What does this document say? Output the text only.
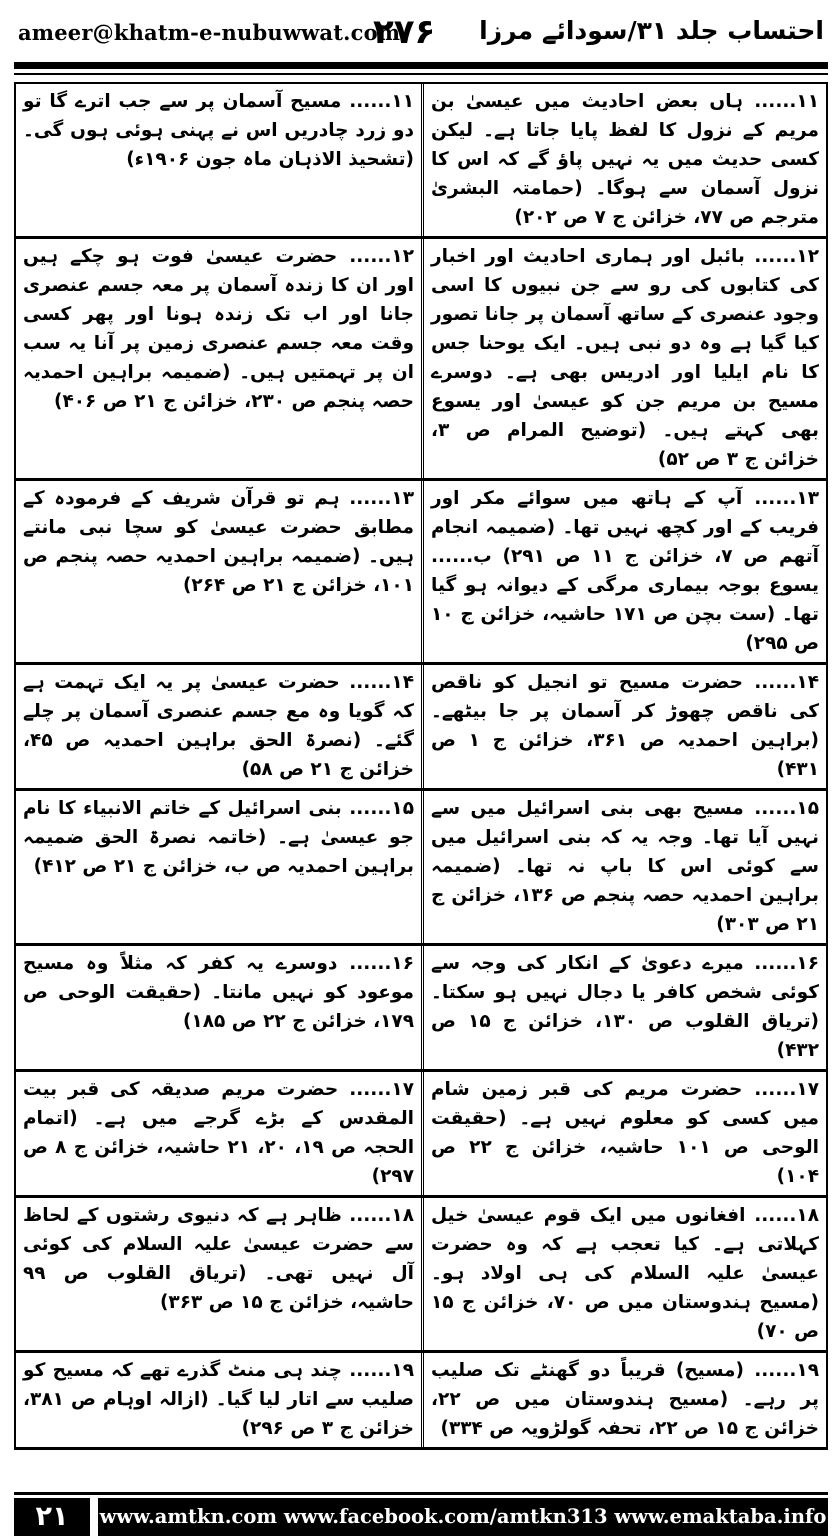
ameer@khatm-e-nubuwwat.com
۲۷۶ احتساب جلد ۳۱/سودائے مرزا
۱۱...... ہاں بعض احادیث میں عیسیٰ بن مریم کے نزول کا لفظ پایا جاتا ہے۔ لیکن کسی حدیث میں یہ نہیں پاؤ گے کہ اس کا نزول آسمان سے ہوگا۔ (حمامتہ البشریٰ مترجم ص ۷۷، خزائن ج ۷ ص ۲۰۲)
۱۱...... مسیح آسمان پر سے جب اترے گا تو دو زرد چادریں اس نے پہنی ہوئی ہوں گی۔ (تشحیذ الاذہان ماہ جون ۱۹۰۶ء)
۱۲...... بائبل اور ہماری احادیث اور اخبار کی کتابوں کی رو سے جن نبیوں کا اسی وجود عنصری کے ساتھ آسمان پر جانا تصور کیا گیا ہے وہ دو نبی ہیں۔ ایک یوحنا جس کا نام ایلیا اور ادریس بھی ہے۔ دوسرے مسیح بن مریم جن کو عیسیٰ اور یسوع بھی کہتے ہیں۔ (توضیح المرام ص ۳، خزائن ج ۳ ص ۵۲)
۱۲...... حضرت عیسیٰ فوت ہو چکے ہیں اور ان کا زندہ آسمان پر معہ جسم عنصری جانا اور اب تک زندہ ہونا اور پھر کسی وقت معہ جسم عنصری زمین پر آنا یہ سب ان پر تہمتیں ہیں۔ (ضمیمہ براہین احمدیہ حصہ پنجم ص ۲۳۰، خزائن ج ۲۱ ص ۴۰۶)
۱۳...... آپ کے ہاتھ میں سوائے مکر اور فریب کے اور کچھ نہیں تھا۔ (ضمیمہ انجام آتھم ص ۷، خزائن ج ۱۱ ص ۲۹۱) ب...... یسوع بوجہ بیماری مرگی کے دیوانہ ہو گیا تھا۔ (ست بچن ص ۱۷۱ حاشیہ، خزائن ج ۱۰ ص ۲۹۵)
۱۳...... ہم تو قرآن شریف کے فرمودہ کے مطابق حضرت عیسیٰ کو سچا نبی مانتے ہیں۔ (ضمیمہ براہین احمدیہ حصہ پنجم ص ۱۰۱، خزائن ج ۲۱ ص ۲۶۴)
۱۴...... حضرت مسیح تو انجیل کو ناقص کی ناقص چھوڑ کر آسمان پر جا بیٹھے۔ (براہین احمدیہ ص ۳۶۱، خزائن ج ۱ ص ۴۳۱)
۱۴...... حضرت عیسیٰ پر یہ ایک تہمت ہے کہ گویا وہ مع جسم عنصری آسمان پر چلے گئے۔ (نصرۃ الحق براہین احمدیہ ص ۴۵، خزائن ج ۲۱ ص ۵۸)
۱۵...... مسیح بھی بنی اسرائیل میں سے نہیں آیا تھا۔ وجہ یہ کہ بنی اسرائیل میں سے کوئی اس کا باپ نہ تھا۔ (ضمیمہ براہین احمدیہ حصہ پنجم ص ۱۳۶، خزائن ج ۲۱ ص ۳۰۳)
۱۵...... بنی اسرائیل کے خاتم الانبیاء کا نام جو عیسیٰ ہے۔ (خاتمہ نصرۃ الحق ضمیمہ براہین احمدیہ ص ب، خزائن ج ۲۱ ص ۴۱۲)
۱۶...... میرے دعویٰ کے انکار کی وجہ سے کوئی شخص کافر یا دجال نہیں ہو سکتا۔ (تریاق القلوب ص ۱۳۰، خزائن ج ۱۵ ص ۴۳۲)
۱۶...... دوسرے یہ کفر کہ مثلاً وہ مسیح موعود کو نہیں مانتا۔ (حقیقت الوحی ص ۱۷۹، خزائن ج ۲۲ ص ۱۸۵)
۱۷...... حضرت مریم کی قبر زمین شام میں کسی کو معلوم نہیں ہے۔ (حقیقت الوحی ص ۱۰۱ حاشیہ، خزائن ج ۲۲ ص ۱۰۴)
۱۷...... حضرت مریم صدیقہ کی قبر بیت المقدس کے بڑے گرجے میں ہے۔ (اتمام الحجہ ص ۱۹، ۲۰، ۲۱ حاشیہ، خزائن ج ۸ ص ۲۹۷)
۱۸...... افغانوں میں ایک قوم عیسیٰ خیل کہلاتی ہے۔ کیا تعجب ہے کہ وہ حضرت عیسیٰ علیہ السلام کی ہی اولاد ہو۔ (مسیح ہندوستان میں ص ۷۰، خزائن ج ۱۵ ص ۷۰)
۱۸...... ظاہر ہے کہ دنیوی رشتوں کے لحاظ سے حضرت عیسیٰ علیہ السلام کی کوئی آل نہیں تھی۔ (تریاق القلوب ص ۹۹ حاشیہ، خزائن ج ۱۵ ص ۳۶۳)
۱۹...... (مسیح) قریباً دو گھنٹے تک صلیب پر رہے۔ (مسیح ہندوستان میں ص ۲۲، خزائن ج ۱۵ ص ۲۲، تحفہ گولڑویہ ص ۳۳۴)
۱۹...... چند ہی منٹ گذرے تھے کہ مسیح کو صلیب سے اتار لیا گیا۔ (ازالہ اوہام ص ۳۸۱، خزائن ج ۳ ص ۲۹۶)
۲۱	www.amtkn.com www.facebook.com/amtkn313 www.emaktaba.info
